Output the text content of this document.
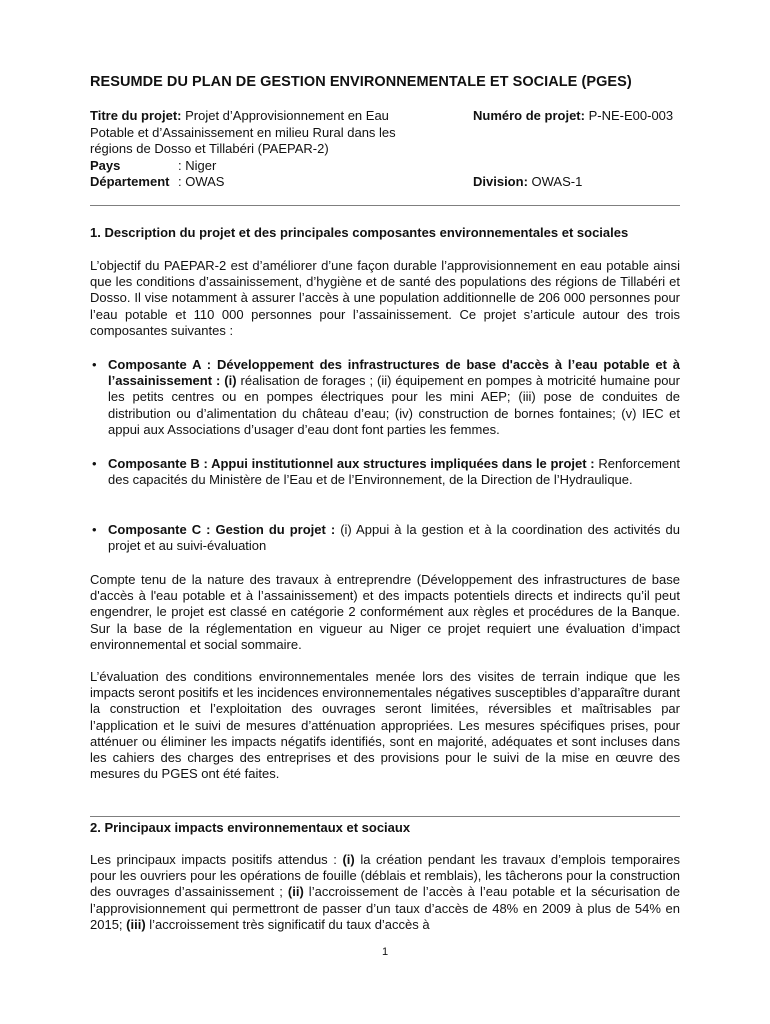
RESUMDE DU PLAN DE GESTION ENVIRONNEMENTALE ET SOCIALE (PGES)
Titre du projet: Projet d’Approvisionnement en Eau Potable et d’Assainissement en milieu Rural dans les régions de Dosso et Tillabéri (PAEPAR-2)
Pays	: Niger
Département : OWAS
Numéro de projet: P-NE-E00-003
Division: OWAS-1
1. Description du projet et des principales composantes environnementales et sociales

L’objectif du PAEPAR-2 est d’améliorer d’une façon durable l’approvisionnement en eau potable ainsi que les conditions d’assainissement, d’hygiène et de santé des populations des régions de Tillabéri et Dosso. Il vise notamment à assurer l’accès à une population additionnelle de 206 000 personnes pour l’eau potable et 110 000 personnes pour l’assainissement. Ce projet s’articule autour des trois composantes suivantes :

• Composante A : Développement des infrastructures de base d'accès à l’eau potable et à l’assainissement : (i) réalisation de forages ; (ii) équipement en pompes à motricité humaine pour les petits centres ou en pompes électriques pour les mini AEP; (iii) pose de conduites de distribution ou d’alimentation du château d’eau; (iv) construction de bornes fontaines; (v) IEC et appui aux Associations d’usager d’eau dont font parties les femmes.
• Composante B : Appui institutionnel aux structures impliquées dans le projet : Renforcement des capacités du Ministère de l’Eau et de l’Environnement, de la Direction de l’Hydraulique.
• Composante C : Gestion du projet : (i) Appui à la gestion et à la coordination des activités du projet et au suivi-évaluation

Compte tenu de la nature des travaux à entreprendre (Développement des infrastructures de base d'accès à l'eau potable et à l’assainissement) et des impacts potentiels directs et indirects qu’il peut engendrer, le projet est classé en catégorie 2 conformément aux règles et procédures de la Banque. Sur la base de la réglementation en vigueur au Niger ce projet requiert une évaluation d’impact environnemental et social sommaire.

L’évaluation des conditions environnementales menée lors des visites de terrain indique que les impacts seront positifs et les incidences environnementales négatives susceptibles d’apparaître durant la construction et l’exploitation des ouvrages seront limitées, réversibles et maîtrisables par l’application et le suivi de mesures d’atténuation appropriées. Les mesures spécifiques prises, pour atténuer ou éliminer les impacts négatifs identifiés, sont en majorité, adéquates et sont incluses dans les cahiers des charges des entreprises et des provisions pour le suivi de la mise en œuvre des mesures du PGES ont été faites.

2. Principaux impacts environnementaux et sociaux

Les principaux impacts positifs attendus : (i) la création pendant les travaux d’emplois temporaires pour les ouvriers pour les opérations de fouille (déblais et remblais), les tâcherons pour la construction des ouvrages d’assainissement ; (ii) l’accroissement de l’accès à l’eau potable et la sécurisation de l’approvisionnement qui permettront de passer d’un taux d’accès de 48% en 2009 à plus de 54% en 2015; (iii) l’accroissement très significatif du taux d’accès à

1
